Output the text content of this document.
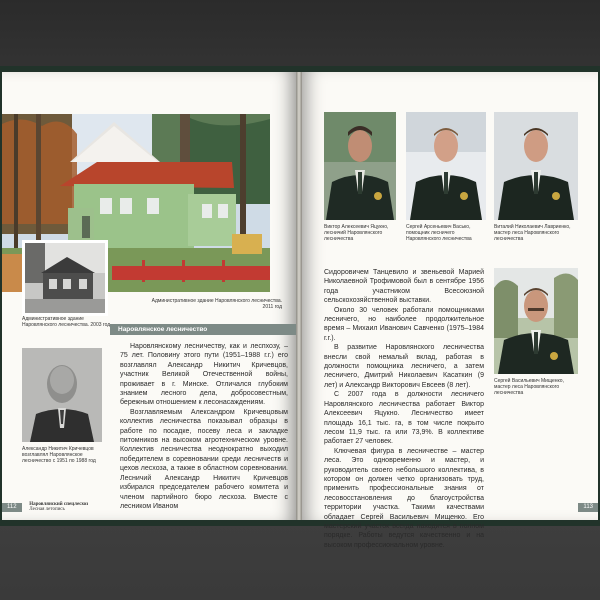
Административное здание Наровлянского лесничества. 2003 год
Административное здание Наровлянского лесничества. 2011 год
Наровлянское лесничество
Александр Никитич Кричевцов возглавлял Наровлянское лесничество с 1951 по 1988 год

Наровлянскому лесничеству, как и леспхозу, – 75 лет. Половину этого пути (1951–1988 г.г.) его возглавлял Александр Никитич Кричевцов, участник Великой Отечественной войны, проживает в г. Минске. Отличался глубоким знанием лесного дела, добросовестным, бережным отношением к лесонасаждениям.

Возглавляемым Александром Кричевцовым коллектив лесничества показывал образцы в работе по посадке, посеву леса и закладке питомников на высоком агротехническом уровне. Коллектив лесничества неоднократно выходил победителем в соревновании среди лесничеств и цехов лесхоза, а также в областном соревновании. Лесничий Александр Никитич Кричевцов избирался председателем рабочего комитета и членом партийного бюро лесхоза. Вместе с лесником Иваном

112	Наровлянский спецлесхоз
Лесная летопись
Виктор Алексеевич Яцукно, лесничий Наровлянского лесничества
Сергей Арсеньевич Васько, помощник лесничего Наровлянского лесничества
Виталий Николаевич Лавриенко, мастер леса Наровлянского лесничества
Сергей Васильевич Мищенко, мастер леса Наровлянского лесничества

Сидоровичем Танцевило и звеньевой Марией Николаевной Трофимовой был в сентябре 1956 года участником Всесоюзной сельскохозяйственной выставки.

Около 30 человек работали помощниками лесничего, но наиболее продолжительное время – Михаил Иванович Савченко (1975–1984 г.г.).

В развитие Наровлянского лесничества внесли свой немалый вклад, работая в должности помощника лесничего, а затем лесничего, Дмитрий Николаевич Касаткин (9 лет) и Александр Викторович Евсеев (8 лет).

С 2007 года в должности лесничего Наровлянского лесничества работает Виктор Алексеевич Яцукно. Лесничество имеет площадь 16,1 тыс. га, в том числе покрыто лесом 11,9 тыс. га или 73,9%. В коллективе работает 27 человек.

Ключевая фигура в лесничестве – мастер леса. Это одновременно и мастер, и руководитель своего небольшого коллектива, в котором он должен четко организовать труд, применить профессиональные знания от лесовосстановления до благоустройства территории участка. Такими качествами обладает Сергей Васильевич Мищенко. Его мастерский участок всегда находится в полном порядке. Работы ведутся качественно и на высоком профессиональном уровне.

113
